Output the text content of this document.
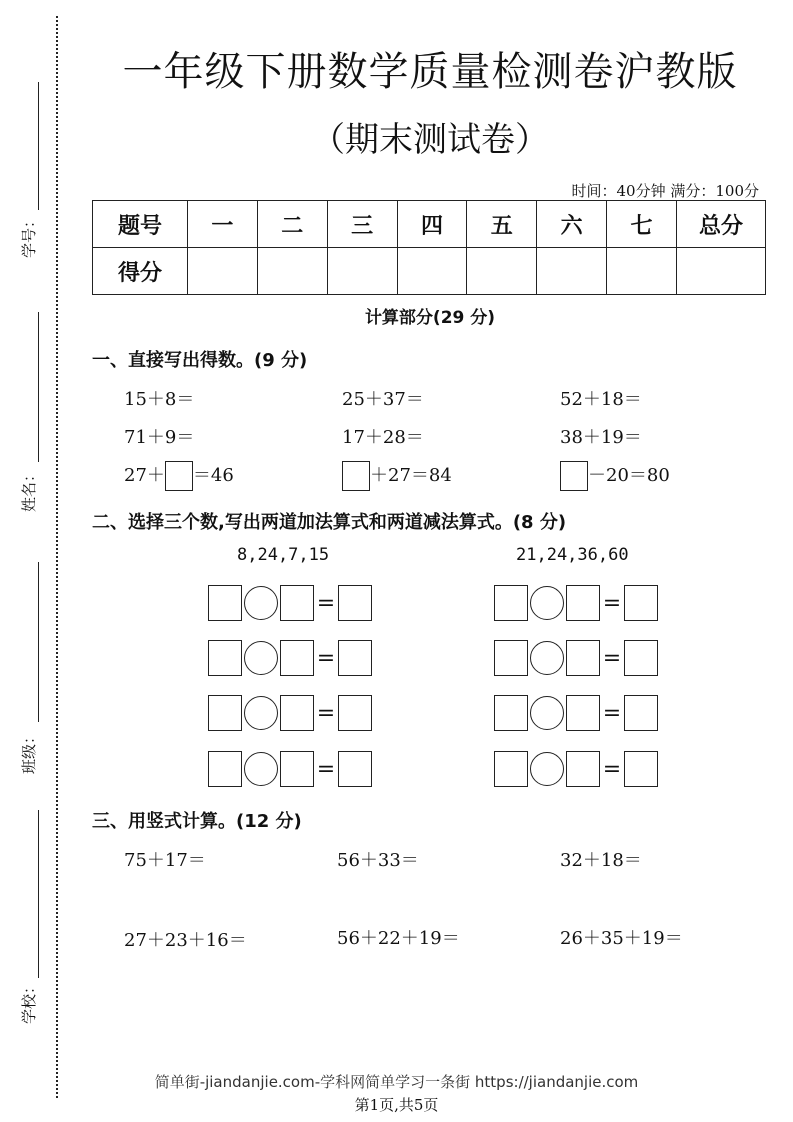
学号：
姓名：
班级：
学校：
一年级下册数学质量检测卷沪教版
（期末测试卷）
时间：40分钟 满分：100分
题号	一	二	三	四	五	六	七	总分
得分								
计算部分(29 分)
一、直接写出得数。(9 分)
15＋8＝	25＋37＝	52＋18＝
71＋9＝	17＋28＝	38＋19＝
27＋ ＝46	＋27＝84	－20＝80
二、选择三个数,写出两道加法算式和两道减法算式。(8 分)
8,24,7,15	21,24,36,60
=
=
=
=
=
=
=
=
三、用竖式计算。(12 分)
75＋17＝	56＋33＝	32＋18＝
27＋23＋16＝	56＋22＋19＝	26＋35＋19＝
简单街-jiandanjie.com-学科网简单学习一条街 https://jiandanjie.com
第1页,共5页
